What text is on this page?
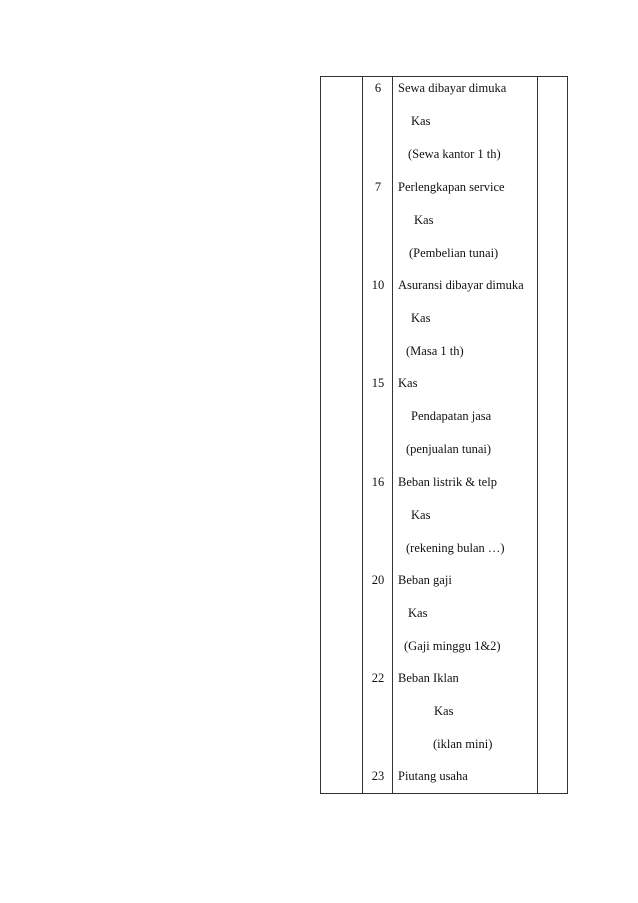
6	Sewa dibayar dimuka
Kas
(Sewa kantor 1 th)
7	Perlengkapan service
Kas
(Pembelian tunai)
10	Asuransi dibayar dimuka
Kas
(Masa 1 th)
15	Kas
Pendapatan jasa
(penjualan tunai)
16	Beban listrik & telp
Kas
(rekening bulan …)
20	Beban gaji
Kas
(Gaji minggu 1&2)
22	Beban Iklan
Kas
(iklan mini)
23	Piutang usaha
